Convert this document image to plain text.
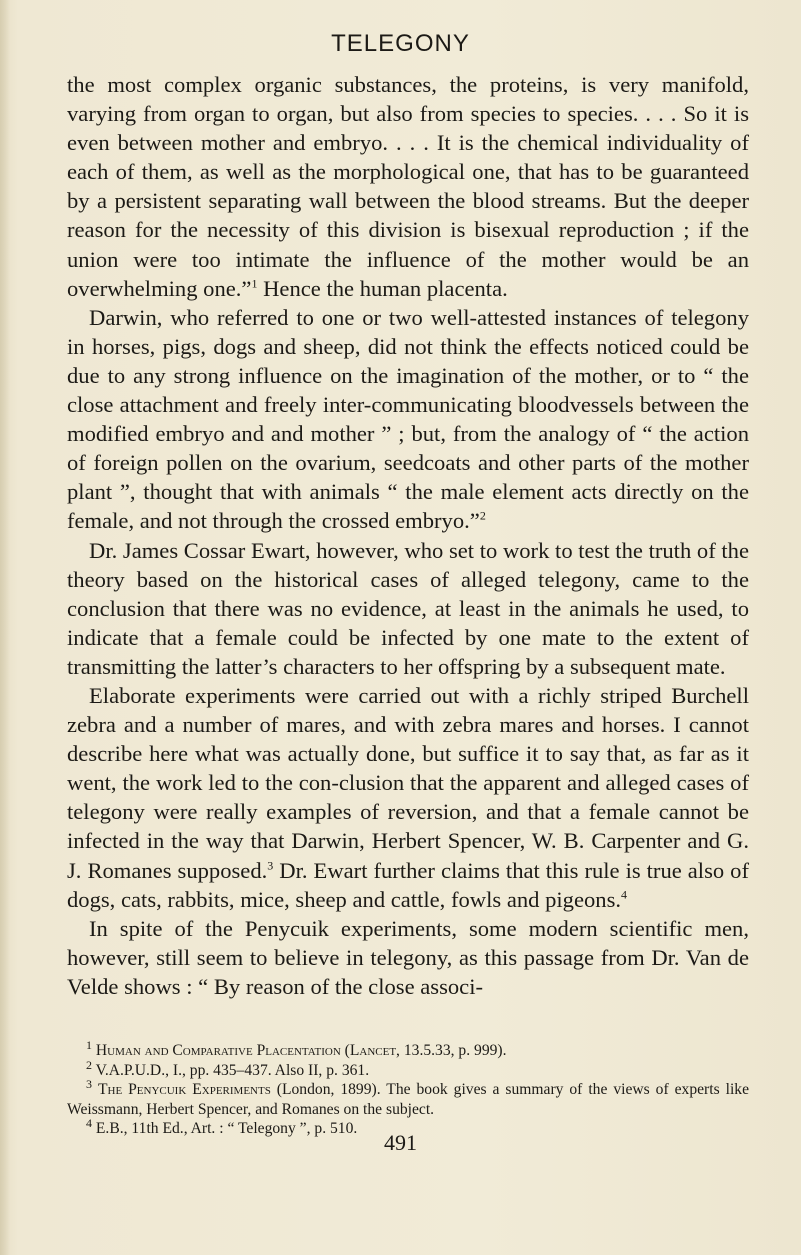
TELEGONY

the most complex organic substances, the proteins, is very manifold, varying from organ to organ, but also from species to species. . . . So it is even between mother and embryo. . . . It is the chemical individuality of each of them, as well as the morphological one, that has to be guaranteed by a persistent separating wall between the blood streams. But the deeper reason for the necessity of this division is bisexual reproduction ; if the union were too intimate the influence of the mother would be an overwhelming one.”$^1$ Hence the human placenta.

Darwin, who referred to one or two well-attested instances of telegony in horses, pigs, dogs and sheep, did not think the effects noticed could be due to any strong influence on the imagination of the mother, or to “ the close attachment and freely inter-communicating bloodvessels between the modified embryo and and mother ” ; but, from the analogy of “ the action of foreign pollen on the ovarium, seedcoats and other parts of the mother plant ”, thought that with animals “ the male element acts directly on the female, and not through the crossed embryo.”$^2$

Dr. James Cossar Ewart, however, who set to work to test the truth of the theory based on the historical cases of alleged telegony, came to the conclusion that there was no evidence, at least in the animals he used, to indicate that a female could be infected by one mate to the extent of transmitting the latter’s characters to her offspring by a subsequent mate.

Elaborate experiments were carried out with a richly striped Burchell zebra and a number of mares, and with zebra mares and horses. I cannot describe here what was actually done, but suffice it to say that, as far as it went, the work led to the con-clusion that the apparent and alleged cases of telegony were really examples of reversion, and that a female cannot be infected in the way that Darwin, Herbert Spencer, W. B. Carpenter and G. J. Romanes supposed.$^3$ Dr. Ewart further claims that this rule is true also of dogs, cats, rabbits, mice, sheep and cattle, fowls and pigeons.$^4$

In spite of the Penycuik experiments, some modern scientific men, however, still seem to believe in telegony, as this passage from Dr. Van de Velde shows : “ By reason of the close associ-

$^1$ Human and Comparative Placentation (Lancet, 13.5.33, p. 999).

$^2$ V.A.P.U.D., I., pp. 435–437. Also II, p. 361.

$^3$ The Penycuik Experiments (London, 1899). The book gives a summary of the views of experts like Weissmann, Herbert Spencer, and Romanes on the subject.

$^4$ E.B., 11th Ed., Art. : “ Telegony ”, p. 510.

491
